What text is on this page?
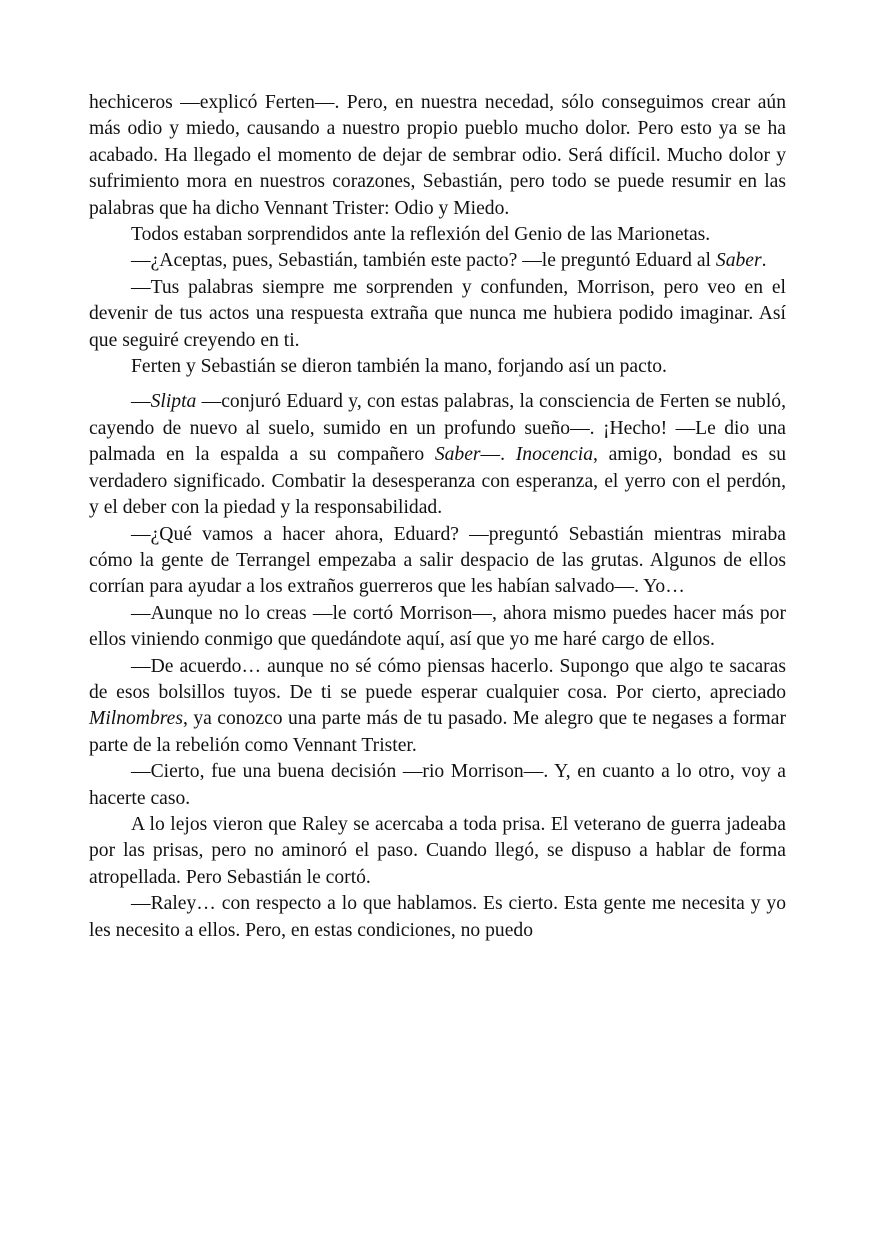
hechiceros —explicó Ferten—. Pero, en nuestra necedad, sólo conseguimos crear aún más odio y miedo, causando a nuestro propio pueblo mucho dolor. Pero esto ya se ha acabado. Ha llegado el momento de dejar de sembrar odio. Será difícil. Mucho dolor y sufrimiento mora en nuestros corazones, Sebastián, pero todo se puede resumir en las palabras que ha dicho Vennant Trister: Odio y Miedo.

Todos estaban sorprendidos ante la reflexión del Genio de las Marionetas.

—¿Aceptas, pues, Sebastián, también este pacto? —le preguntó Eduard al Saber.

—Tus palabras siempre me sorprenden y confunden, Morrison, pero veo en el devenir de tus actos una respuesta extraña que nunca me hubiera podido imaginar. Así que seguiré creyendo en ti.

Ferten y Sebastián se dieron también la mano, forjando así un pacto.

—Slipta —conjuró Eduard y, con estas palabras, la consciencia de Ferten se nubló, cayendo de nuevo al suelo, sumido en un profundo sueño—. ¡Hecho! —Le dio una palmada en la espalda a su compañero Saber—. Inocencia, amigo, bondad es su verdadero significado. Combatir la desesperanza con esperanza, el yerro con el perdón, y el deber con la piedad y la responsabilidad.

—¿Qué vamos a hacer ahora, Eduard? —preguntó Sebastián mientras miraba cómo la gente de Terrangel empezaba a salir despacio de las grutas. Algunos de ellos corrían para ayudar a los extraños guerreros que les habían salvado—. Yo…

—Aunque no lo creas —le cortó Morrison—, ahora mismo puedes hacer más por ellos viniendo conmigo que quedándote aquí, así que yo me haré cargo de ellos.

—De acuerdo… aunque no sé cómo piensas hacerlo. Supongo que algo te sacaras de esos bolsillos tuyos. De ti se puede esperar cualquier cosa. Por cierto, apreciado Milnombres, ya conozco una parte más de tu pasado. Me alegro que te negases a formar parte de la rebelión como Vennant Trister.

—Cierto, fue una buena decisión —rio Morrison—. Y, en cuanto a lo otro, voy a hacerte caso.

A lo lejos vieron que Raley se acercaba a toda prisa. El veterano de guerra jadeaba por las prisas, pero no aminoró el paso. Cuando llegó, se dispuso a hablar de forma atropellada. Pero Sebastián le cortó.

—Raley… con respecto a lo que hablamos. Es cierto. Esta gente me necesita y yo les necesito a ellos. Pero, en estas condiciones, no puedo
